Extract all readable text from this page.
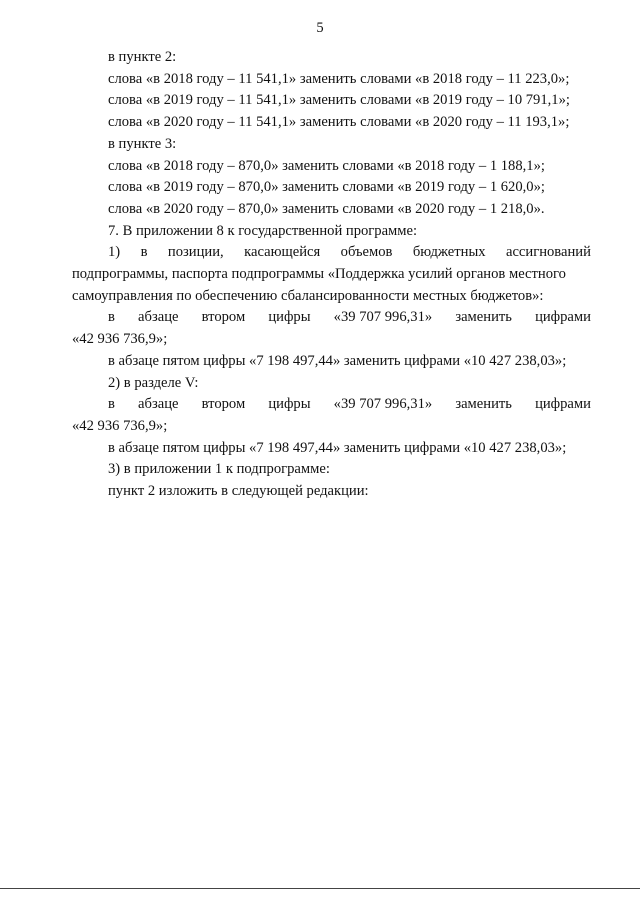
5

в пункте 2:

слова «в 2018 году – 11 541,1» заменить словами «в 2018 году – 11 223,0»;

слова «в 2019 году – 11 541,1» заменить словами «в 2019 году – 10 791,1»;

слова «в 2020 году – 11 541,1» заменить словами «в 2020 году – 11 193,1»;

в пункте 3:

слова «в 2018 году – 870,0» заменить словами «в 2018 году – 1 188,1»;

слова «в 2019 году – 870,0» заменить словами «в 2019 году – 1 620,0»;

слова «в 2020 году – 870,0» заменить словами «в 2020 году – 1 218,0».

7. В приложении 8 к государственной программе:

1) в позиции, касающейся объемов бюджетных ассигнований

подпрограммы, паспорта подпрограммы «Поддержка усилий органов местного

самоуправления по обеспечению сбалансированности местных бюджетов»:

в абзаце втором цифры «39 707 996,31» заменить цифрами

«42 936 736,9»;

в абзаце пятом цифры «7 198 497,44» заменить цифрами «10 427 238,03»;

2) в разделе V:

в абзаце втором цифры «39 707 996,31» заменить цифрами

«42 936 736,9»;

в абзаце пятом цифры «7 198 497,44» заменить цифрами «10 427 238,03»;

3) в приложении 1 к подпрограмме:

пункт 2 изложить в следующей редакции:
